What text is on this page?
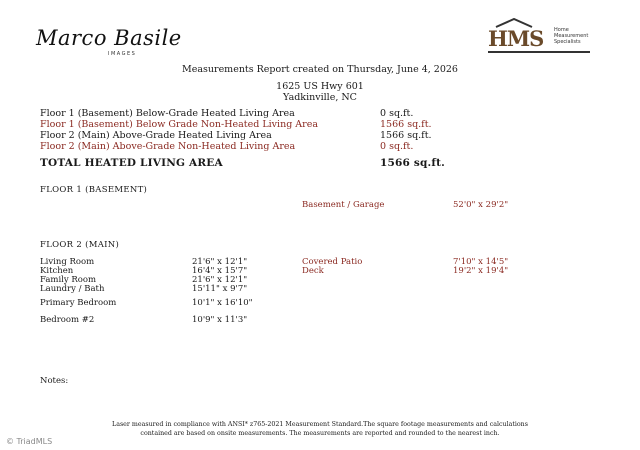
Marco Basile
IMAGES
HMS Home
Measurement
Specialists
Measurements Report created on Thursday, June 4, 2026
1625 US Hwy 601
Yadkinville, NC
Floor 1 (Basement) Below-Grade Heated Living Area	0 sq.ft.
Floor 1 (Basement) Below Grade Non-Heated Living Area	1566 sq.ft.
Floor 2 (Main) Above-Grade Heated Living Area	1566 sq.ft.
Floor 2 (Main) Above-Grade Non-Heated Living Area	0 sq.ft.
TOTAL HEATED LIVING AREA	1566 sq.ft.
FLOOR 1 (BASEMENT)
Basement / Garage	52'0" x 29'2"
FLOOR 2 (MAIN)
Living Room	21'6" x 12'1"
Kitchen	16'4" x 15'7"
Family Room	21'6" x 12'1"
Laundry / Bath	15'11" x 9'7"
Primary Bedroom	10'1" x 16'10"
Bedroom #2	10'9" x 11'3"
Covered Patio	7'10" x 14'5"
Deck	19'2" x 19'4"
Notes:
Laser measured in compliance with ANSI* z765-2021 Measurement Standard.The square footage measurements and calculations
contained are based on onsite measurements. The measurements are reported and rounded to the nearest inch.
© TriadMLS
